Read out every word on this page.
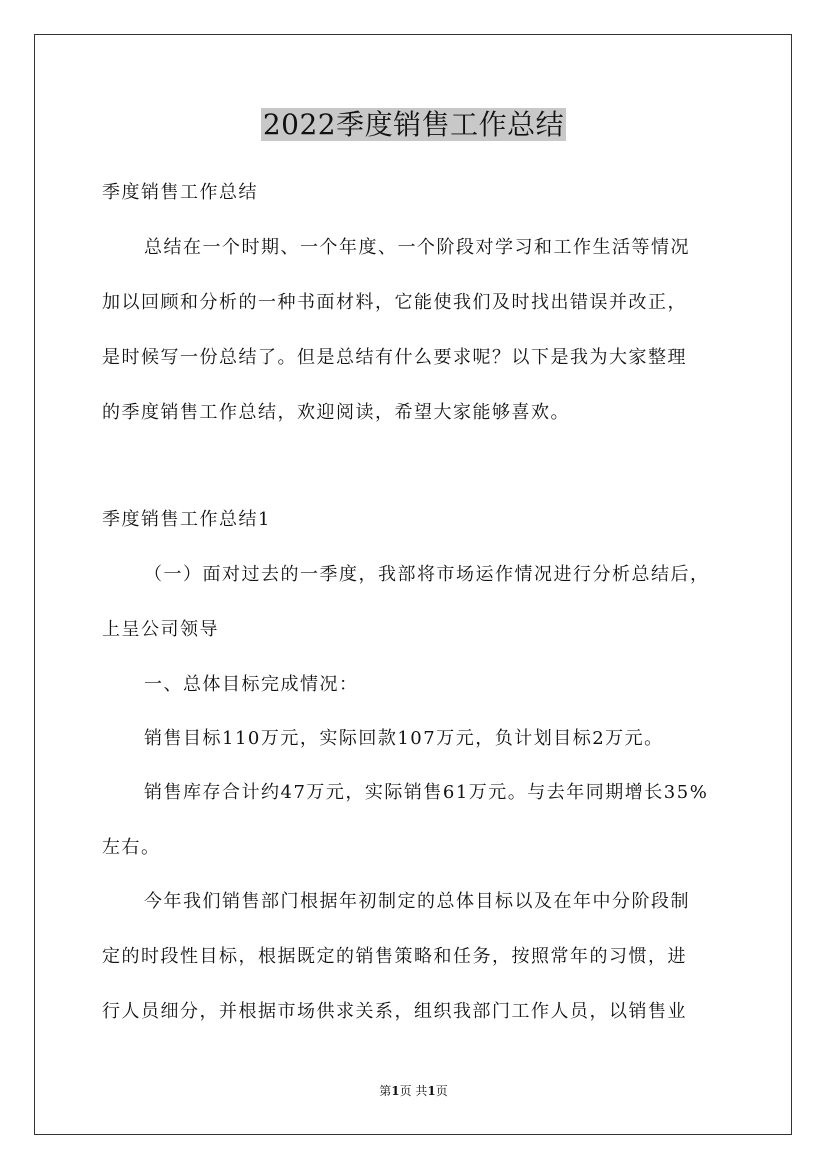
2022季度销售工作总结
季度销售工作总结
总结在一个时期、一个年度、一个阶段对学习和工作生活等情况
加以回顾和分析的一种书面材料，它能使我们及时找出错误并改正，
是时候写一份总结了。但是总结有什么要求呢？以下是我为大家整理
的季度销售工作总结，欢迎阅读，希望大家能够喜欢。
季度销售工作总结1
（一）面对过去的一季度，我部将市场运作情况进行分析总结后，
上呈公司领导
一、总体目标完成情况：
销售目标110万元，实际回款107万元，负计划目标2万元。
销售库存合计约47万元，实际销售61万元。与去年同期增长35%
左右。
今年我们销售部门根据年初制定的总体目标以及在年中分阶段制
定的时段性目标，根据既定的销售策略和任务，按照常年的习惯，进
行人员细分，并根据市场供求关系，组织我部门工作人员，以销售业
第1页 共1页
